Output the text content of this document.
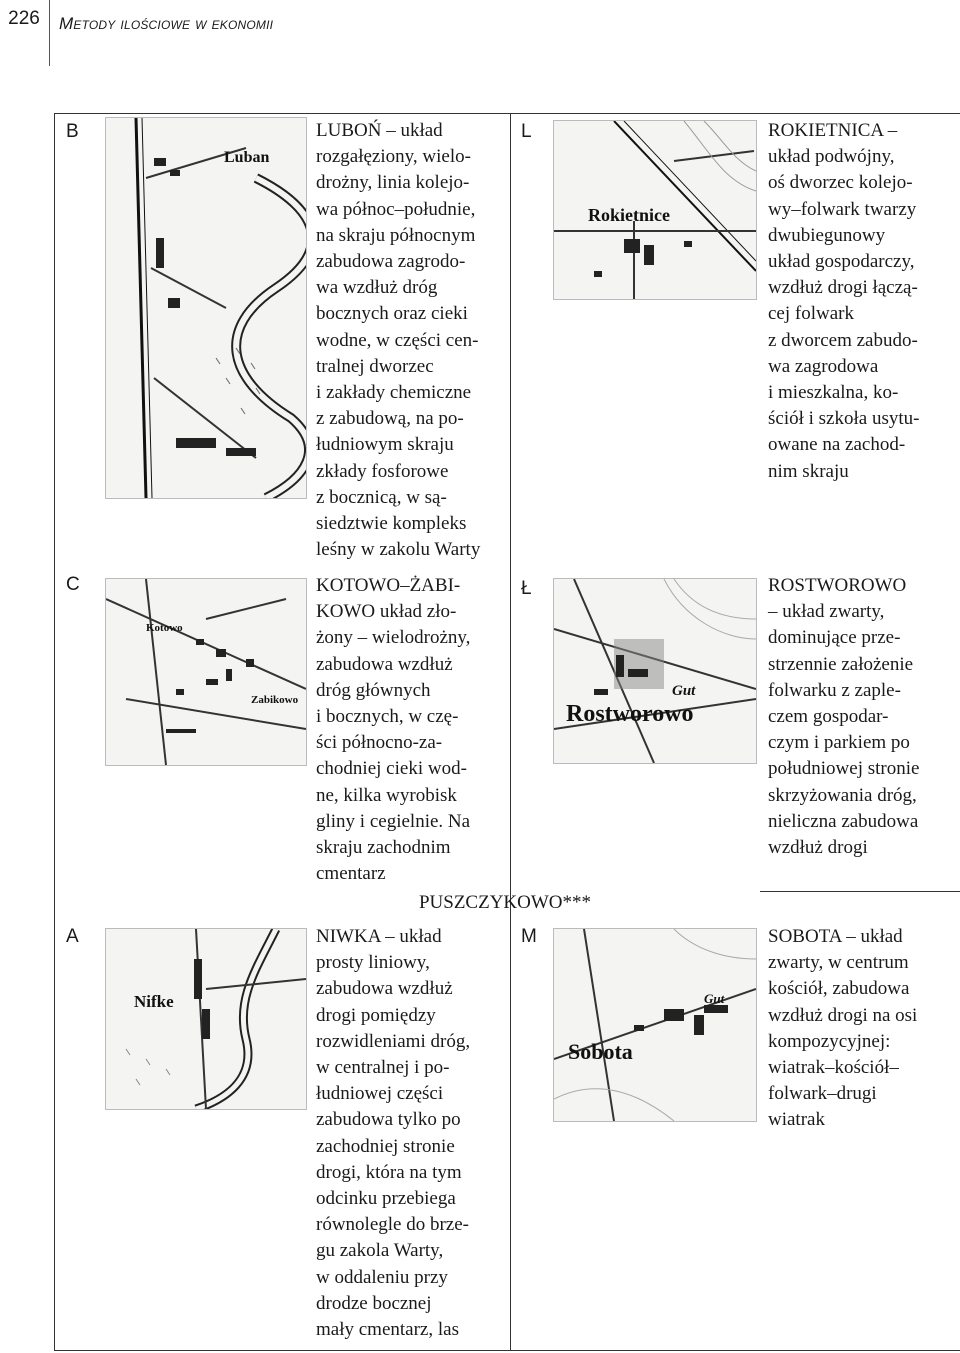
226	Metody ilościowe w ekonomii
B
Luban
LUBOŃ – układ
rozgałęziony, wielo-
drożny, linia kolejo-
wa północ–południe,
na skraju północnym
zabudowa zagrodo-
wa wzdłuż dróg
bocznych oraz cieki
wodne, w części cen-
tralnej dworzec
i zakłady chemiczne
z zabudową, na po-
łudniowym skraju
zkłady fosforowe
z bocznicą, w są-
siedztwie kompleks
leśny w zakolu Warty
L
Rokietnice
ROKIETNICA –
układ podwójny,
oś dworzec kolejo-
wy–folwark twarzy
dwubiegunowy
układ gospodarczy,
wzdłuż drogi łączą-
cej folwark
z dworcem zabudo-
wa zagrodowa
i mieszkalna, ko-
ściół i szkoła usytu-
owane na zachod-
nim skraju
C
Kotowo
Zabikowo
KOTOWO–ŻABI-
KOWO układ zło-
żony – wielodrożny,
zabudowa wzdłuż
dróg głównych
i bocznych, w czę-
ści północno-za-
chodniej cieki wod-
ne, kilka wyrobisk
gliny i cegielnie. Na
skraju zachodnim
cmentarz
Ł
Gut
Rostworowo
ROSTWOROWO
– układ zwarty,
dominujące prze-
strzennie założenie
folwarku z zaple-
czem gospodar-
czym i parkiem po
południowej stronie
skrzyżowania dróg,
nieliczna zabudowa
wzdłuż drogi
PUSZCZYKOWO***
A
Nifke
NIWKA – układ
prosty liniowy,
zabudowa wzdłuż
drogi pomiędzy
rozwidleniami dróg,
w centralnej i po-
łudniowej części
zabudowa tylko po
zachodniej stronie
drogi, która na tym
odcinku przebiega
równolegle do brze-
gu zakola Warty,
w oddaleniu przy
drodze bocznej
mały cmentarz, las
M
Gut
Sobota
SOBOTA – układ
zwarty, w centrum
kościół, zabudowa
wzdłuż drogi na osi
kompozycyjnej:
wiatrak–kościół–
folwark–drugi
wiatrak
